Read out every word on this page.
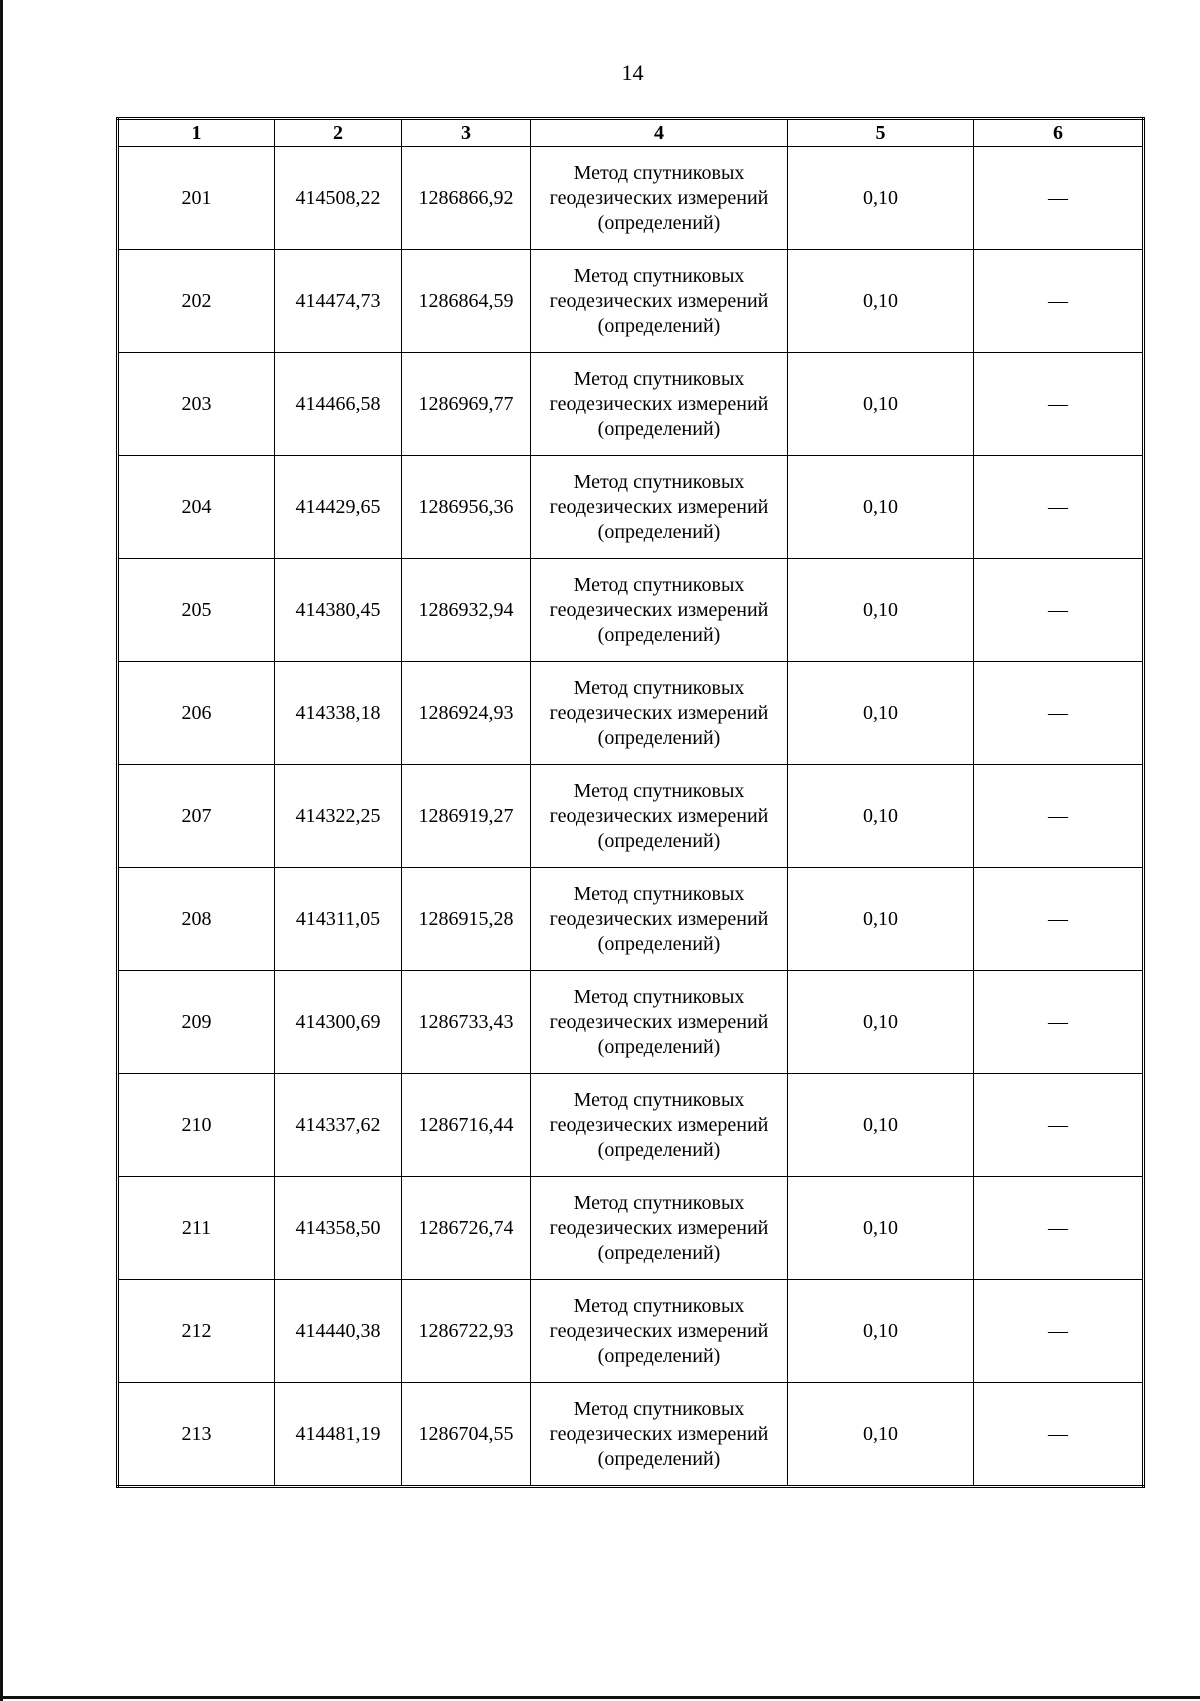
14
1	2	3	4	5	6
201	414508,22	1286866,92	Метод спутниковых геодезических измерений (определений)	0,10	—
202	414474,73	1286864,59	Метод спутниковых геодезических измерений (определений)	0,10	—
203	414466,58	1286969,77	Метод спутниковых геодезических измерений (определений)	0,10	—
204	414429,65	1286956,36	Метод спутниковых геодезических измерений (определений)	0,10	—
205	414380,45	1286932,94	Метод спутниковых геодезических измерений (определений)	0,10	—
206	414338,18	1286924,93	Метод спутниковых геодезических измерений (определений)	0,10	—
207	414322,25	1286919,27	Метод спутниковых геодезических измерений (определений)	0,10	—
208	414311,05	1286915,28	Метод спутниковых геодезических измерений (определений)	0,10	—
209	414300,69	1286733,43	Метод спутниковых геодезических измерений (определений)	0,10	—
210	414337,62	1286716,44	Метод спутниковых геодезических измерений (определений)	0,10	—
211	414358,50	1286726,74	Метод спутниковых геодезических измерений (определений)	0,10	—
212	414440,38	1286722,93	Метод спутниковых геодезических измерений (определений)	0,10	—
213	414481,19	1286704,55	Метод спутниковых геодезических измерений (определений)	0,10	—
